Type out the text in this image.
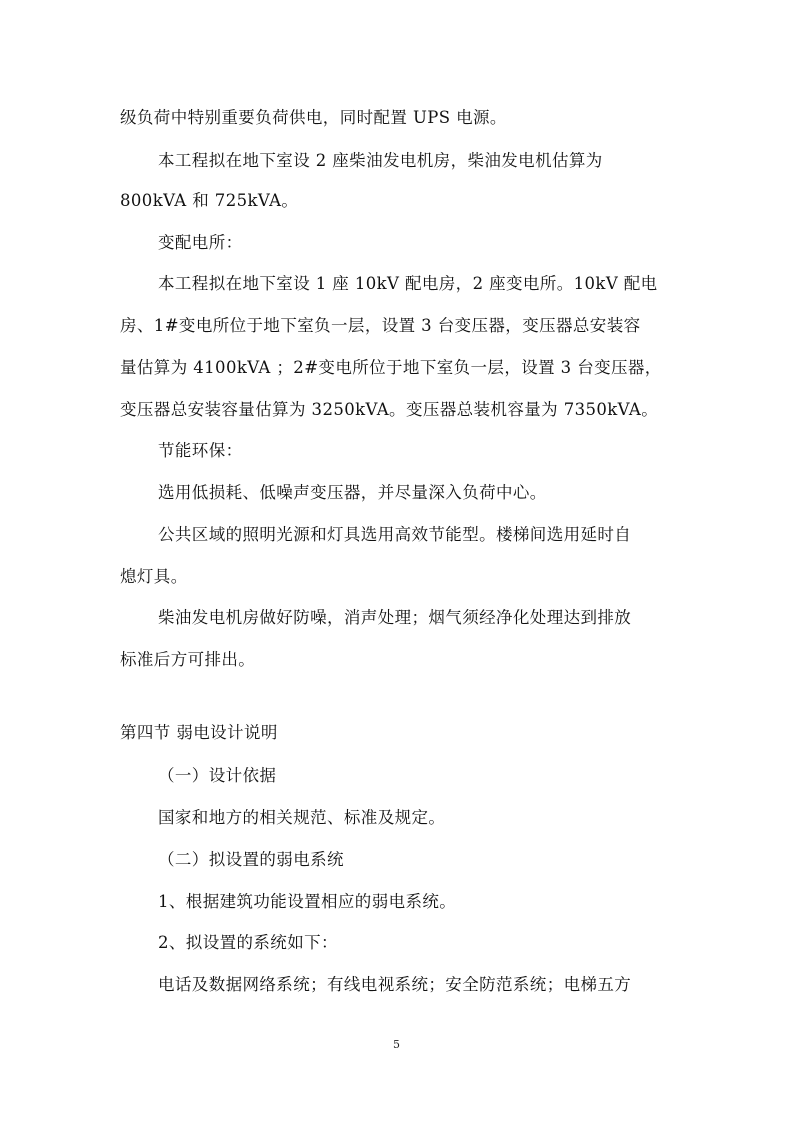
级负荷中特别重要负荷供电，同时配置 UPS 电源。
本工程拟在地下室设 2 座柴油发电机房，柴油发电机估算为
800kVA 和 725kVA。
变配电所：
本工程拟在地下室设 1 座 10kV 配电房，2 座变电所。10kV 配电
房、1#变电所位于地下室负一层，设置 3 台变压器，变压器总安装容
量估算为 4100kVA ；2#变电所位于地下室负一层，设置 3 台变压器，
变压器总安装容量估算为 3250kVA。变压器总装机容量为 7350kVA。
节能环保：
选用低损耗、低噪声变压器，并尽量深入负荷中心。
公共区域的照明光源和灯具选用高效节能型。楼梯间选用延时自
熄灯具。
柴油发电机房做好防噪，消声处理；烟气须经净化处理达到排放
标准后方可排出。
第四节 弱电设计说明
（一）设计依据
国家和地方的相关规范、标准及规定。
（二）拟设置的弱电系统
1、根据建筑功能设置相应的弱电系统。
2、拟设置的系统如下：
电话及数据网络系统；有线电视系统；安全防范系统；电梯五方
5
